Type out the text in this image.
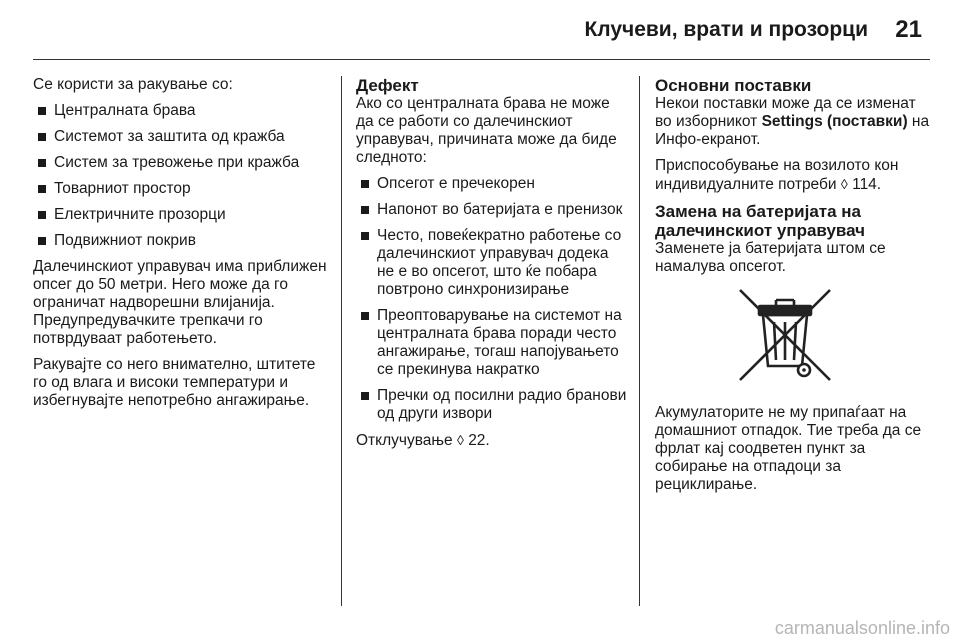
Клучеви, врати и прозорци 21

Се користи за ракување со:

Централната брава
Системот за заштита од кражба
Систем за тревожење при кражба
Товарниот простор
Електричните прозорци
Подвижниот покрив

Далечинскиот управувач има приближен опсег до 50 метри. Него може да го ограничат надворешни влијанија. Предупредувачките трепкачи го потврдуваат работењето.

Ракувајте со него внимателно, штитете го од влага и високи температури и избегнувајте непотребно ангажирање.

Дефект

Ако со централната брава не може да се работи со далечинскиот управувач, причината може да биде следното:

Опсегот е пречекорен
Напонот во батеријата е пренизок
Често, повеќекратно работење со далечинскиот управувач додека не е во опсегот, што ќе побара повтроно синхронизирање
Преоптоварување на системот на централната брава поради често ангажирање, тогаш напојувањето се прекинува накратко
Пречки од посилни радио бранови од други извори

Отклучување ◊ 22.

Основни поставки

Некои поставки може да се изменат во изборникот Settings (поставки) на Инфо-екранот.

Приспособување на возилото кон индивидуалните потреби ◊ 114.

Замена на батеријата на далечинскиот управувач

Заменете ја батеријата штом се намалува опсегот.

Акумулаторите не му припаѓаат на домашниот отпадок. Тие треба да се фрлат кај соодветен пункт за собирање на отпадоци за рециклирање.

carmanualsonline.info
